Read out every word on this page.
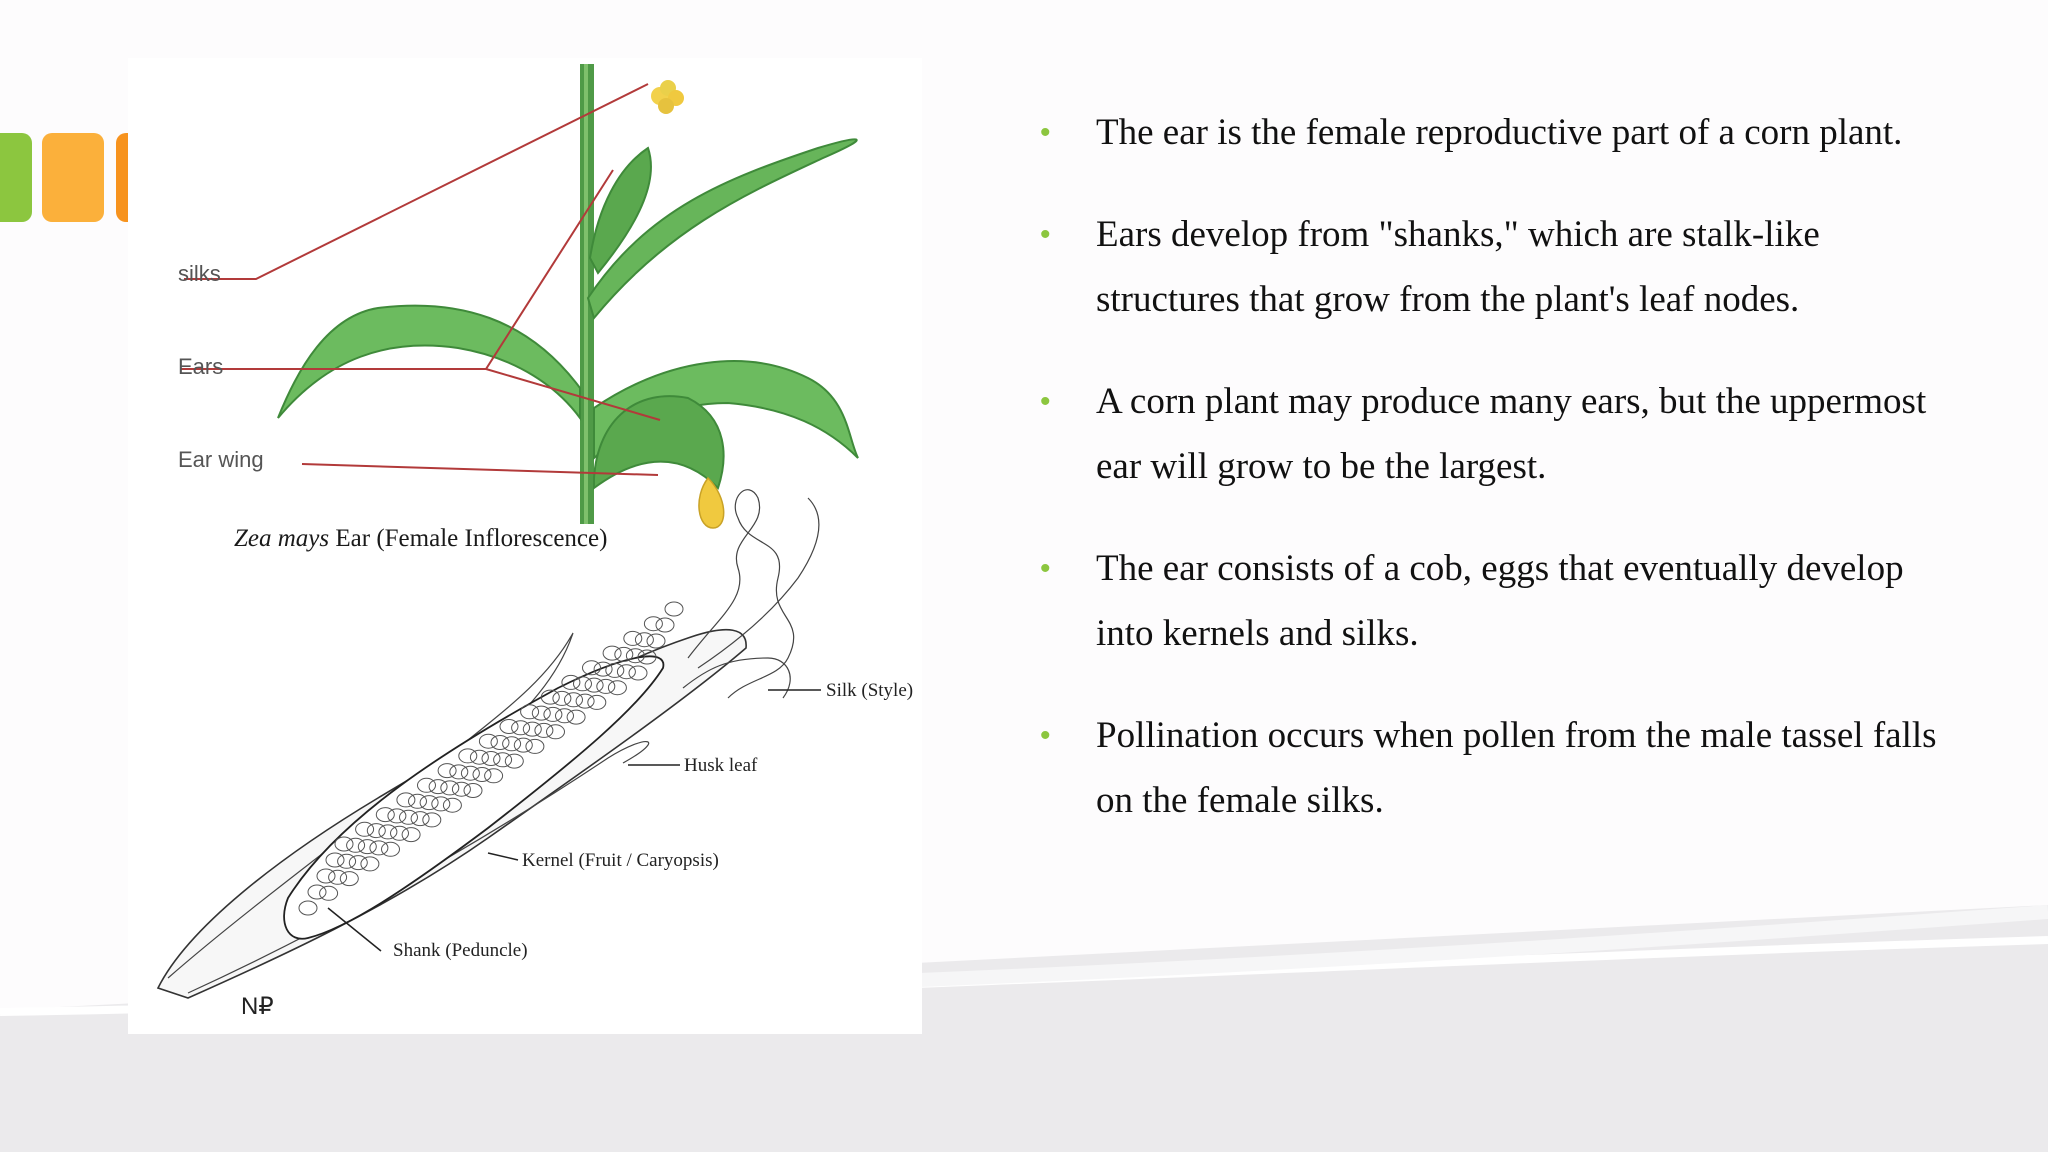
silks
Ears
Ear wing
Silk (Style)
Husk leaf
Kernel (Fruit / Caryopsis)
Shank (Peduncle)
Zea mays Ear (Female Inflorescence)
N₽
• The ear is the female reproductive part of a corn plant.
• Ears develop from "shanks," which are stalk-like structures that grow from the plant's leaf nodes.
• A corn plant may produce many ears, but the uppermost ear will grow to be the largest.
• The ear consists of a cob, eggs that eventually develop into kernels and silks.
• Pollination occurs when pollen from the male tassel falls on the female silks.
